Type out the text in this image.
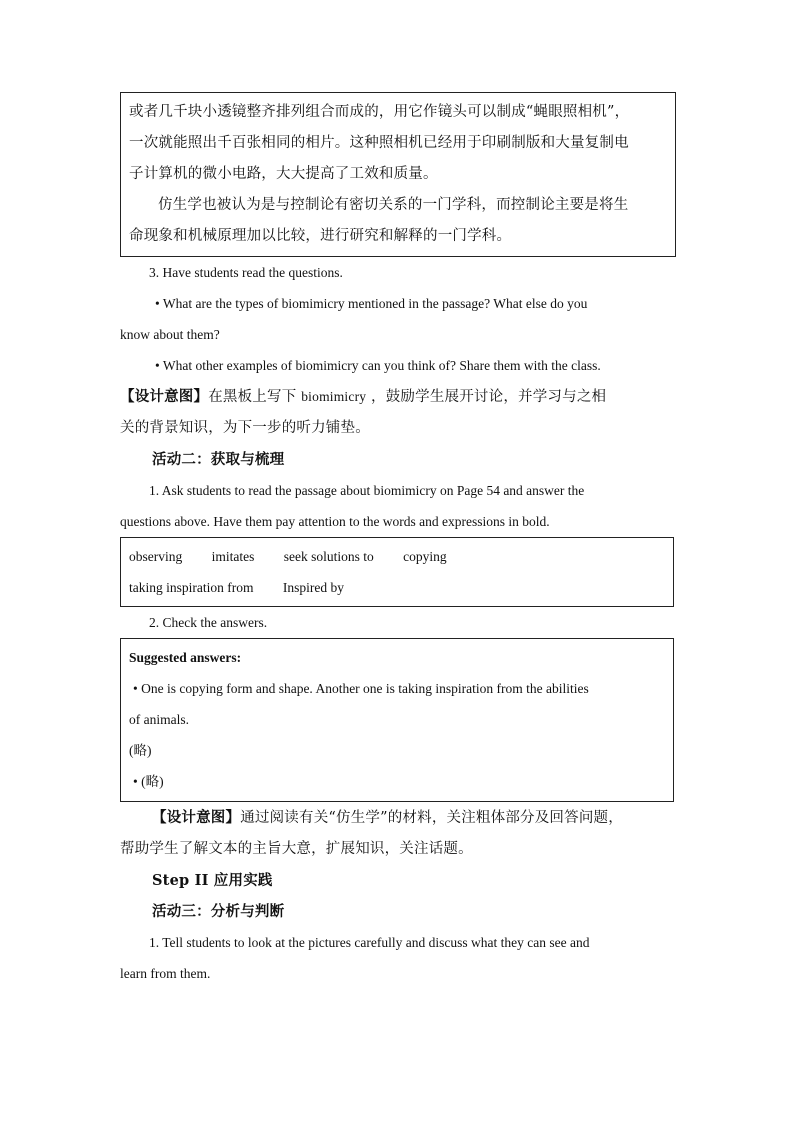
或者几千块小透镜整齐排列组合而成的，用它作镜头可以制成“蝇眼照相机”，
一次就能照出千百张相同的相片。这种照相机已经用于印刷制版和大量复制电
子计算机的微小电路，大大提高了工效和质量。
仿生学也被认为是与控制论有密切关系的一门学科，而控制论主要是将生
命现象和机械原理加以比较，进行研究和解释的一门学科。
3. Have students read the questions.
• What are the types of biomimicry mentioned in the passage? What else do you
know about them?
• What other examples of biomimicry can you think of? Share them with the class.
【设计意图】在黑板上写下 biomimicry ，鼓励学生展开讨论，并学习与之相
关的背景知识，为下一步的听力铺垫。
活动二：获取与梳理
1. Ask students to read the passage about biomimicry on Page 54 and answer the
questions above. Have them pay attention to the words and expressions in bold.
observing imitates seek solutions to copying
taking inspiration from Inspired by
2. Check the answers.
Suggested answers:
• One is copying form and shape. Another one is taking inspiration from the abilities
of animals.
(略)
• (略)
【设计意图】通过阅读有关“仿生学”的材料，关注粗体部分及回答问题，
帮助学生了解文本的主旨大意，扩展知识，关注话题。
Step II 应用实践
活动三：分析与判断
1. Tell students to look at the pictures carefully and discuss what they can see and
learn from them.
